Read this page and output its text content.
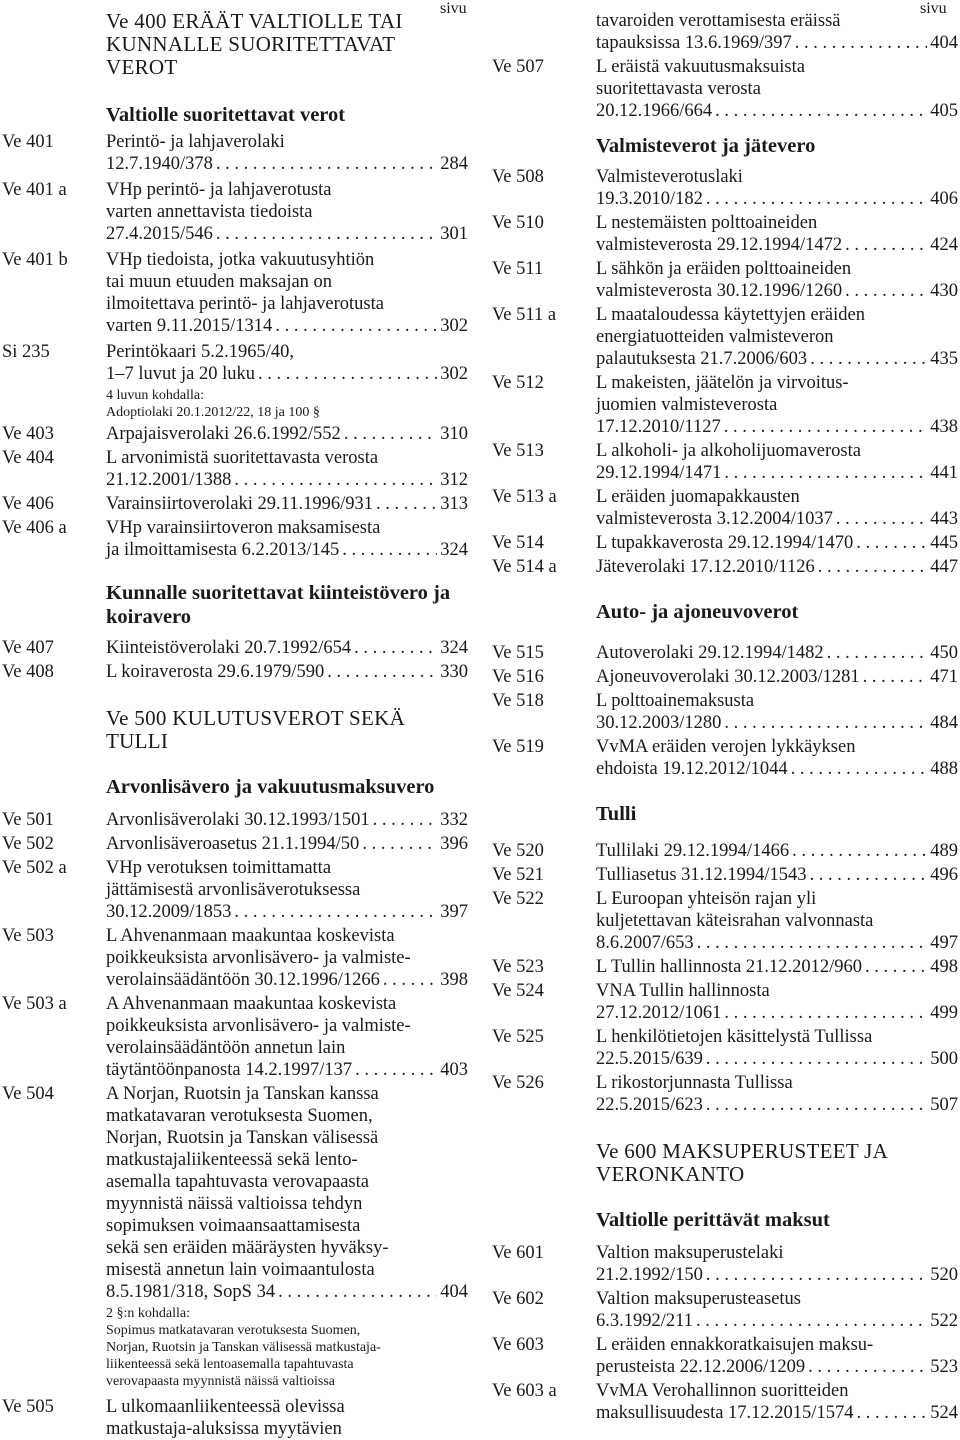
sivu	sivu
Ve 400 ERÄÄT VALTIOLLE TAI KUNNALLE SUORITETTAVAT VEROT
Valtiolle suoritettavat verot
Ve 401	Perintö- ja lahjaverolaki
12.7.1940/378 . . .	284
Ve 401 a VHp perintö- ja lahjaverotusta
varten annettavista tiedoista
27.4.2015/546 . . .	301
Ve 401 b VHp tiedoista, jotka vakuutusyhtiön
tai muun etuuden maksajan on
ilmoitettava perintö- ja lahjaverotusta
varten 9.11.2015/1314 . . .	302
Si 235	Perintökaari 5.2.1965/40,
1–7 luvut ja 20 luku . . .	302
4 luvun kohdalla:
Adoptiolaki 20.1.2012/22, 18 ja 100 §
Ve 403	Arpajaisverolaki 26.6.1992/552 . . .	310
Ve 404	L arvonimistä suoritettavasta verosta
21.12.2001/1388 . . .	312
Ve 406	Varainsiirtoverolaki 29.11.1996/931 . . .	313
Ve 406 a VHp varainsiirtoveron maksamisesta
ja ilmoittamisesta 6.2.2013/145 . . .	324
Kunnalle suoritettavat kiinteistövero ja koiravero
Ve 407	Kiinteistöverolaki 20.7.1992/654 . . .	324
Ve 408	L koiraverosta 29.6.1979/590 . . .	330
Ve 500 KULUTUSVEROT SEKÄ TULLI
Arvonlisävero ja vakuutusmaksuvero
Ve 501	Arvonlisäverolaki 30.12.1993/1501 . . .	332
Ve 502	Arvonlisäveroasetus 21.1.1994/50 . . .	396
Ve 502 a VHp verotuksen toimittamatta
jättämisestä arvonlisäverotuksessa
30.12.2009/1853 . . .	397
Ve 503	L Ahvenanmaan maakuntaa koskevista
poikkeuksista arvonlisävero- ja valmiste-
verolainsäädäntöön 30.12.1996/1266 . . .	398
Ve 503 a A Ahvenanmaan maakuntaa koskevista
poikkeuksista arvonlisävero- ja valmiste-
verolainsäädäntöön annetun lain
täytäntöönpanosta 14.2.1997/137 . . .	403
Ve 504	A Norjan, Ruotsin ja Tanskan kanssa
matkatavaran verotuksesta Suomen,
Norjan, Ruotsin ja Tanskan välisessä
matkustajaliikenteessä sekä lento-
asemalla tapahtuvasta verovapaasta
myynnistä näissä valtioissa tehdyn
sopimuksen voimaansaattamisesta
sekä sen eräiden määräysten hyväksy-
misestä annetun lain voimaantulosta
8.5.1981/318, SopS 34 . . .	404
2 §:n kohdalla:
Sopimus matkatavaran verotuksesta Suomen,
Norjan, Ruotsin ja Tanskan välisessä matkustaja-
liikenteessä sekä lentoasemalla tapahtuvasta
verovapaasta myynnistä näissä valtioissa
Ve 505	L ulkomaanliikenteessä olevissa
matkustaja-aluksissa myytävien
tavaroiden verottamisesta eräissä
tapauksissa 13.6.1969/397 . . .	404
Ve 507	L eräistä vakuutusmaksuista
suoritettavasta verosta
20.12.1966/664 . . .	405
Valmisteverot ja jätevero
Ve 508	Valmisteverotuslaki
19.3.2010/182 . . .	406
Ve 510	L nestemäisten polttoaineiden
valmisteverosta 29.12.1994/1472 . . .	424
Ve 511	L sähkön ja eräiden polttoaineiden
valmisteverosta 30.12.1996/1260 . . .	430
Ve 511 a L maataloudessa käytettyjen eräiden
energiatuotteiden valmisteveron
palautuksesta 21.7.2006/603 . . .	435
Ve 512	L makeisten, jäätelön ja virvoitus-
juomien valmisteverosta
17.12.2010/1127 . . .	438
Ve 513	L alkoholi- ja alkoholijuomaverosta
29.12.1994/1471 . . .	441
Ve 513 a L eräiden juomapakkausten
valmisteverosta 3.12.2004/1037 . . .	443
Ve 514	L tupakkaverosta 29.12.1994/1470 . . .	445
Ve 514 a Jäteverolaki 17.12.2010/1126 . . .	447
Auto- ja ajoneuvoverot
Ve 515	Autoverolaki 29.12.1994/1482 . . .	450
Ve 516	Ajoneuvoverolaki 30.12.2003/1281 . . .	471
Ve 518	L polttoainemaksusta
30.12.2003/1280 . . .	484
Ve 519	VvMA eräiden verojen lykkäyksen
ehdoista 19.12.2012/1044 . . .	488
Tulli
Ve 520	Tullilaki 29.12.1994/1466 . . .	489
Ve 521	Tulliasetus 31.12.1994/1543 . . .	496
Ve 522	L Euroopan yhteisön rajan yli
kuljetettavan käteisrahan valvonnasta
8.6.2007/653 . . .	497
Ve 523	L Tullin hallinnosta 21.12.2012/960 . . .	498
Ve 524	VNA Tullin hallinnosta
27.12.2012/1061 . . .	499
Ve 525	L henkilötietojen käsittelystä Tullissa
22.5.2015/639 . . .	500
Ve 526	L rikostorjunnasta Tullissa
22.5.2015/623 . . .	507
Ve 600 MAKSUPERUSTEET JA VERONKANTO
Valtiolle perittävät maksut
Ve 601	Valtion maksuperustelaki
21.2.1992/150 . . .	520
Ve 602	Valtion maksuperusteasetus
6.3.1992/211 . . .	522
Ve 603	L eräiden ennakkoratkaisujen maksu-
perusteista 22.12.2006/1209 . . .	523
Ve 603 a VvMA Verohallinnon suoritteiden
maksullisuudesta 17.12.2015/1574 . . .	524
